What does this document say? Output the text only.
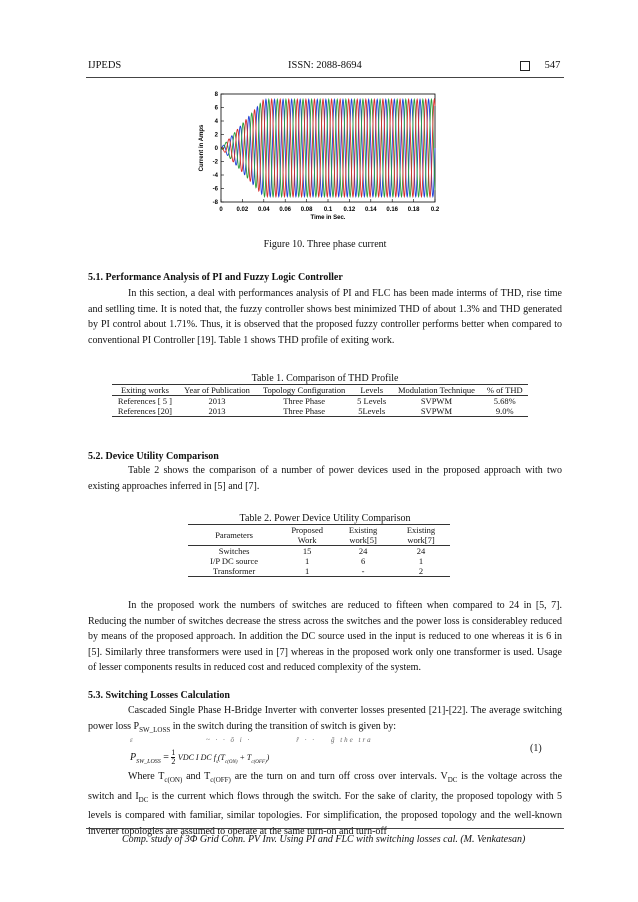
IJPEDS	ISSN: 2088-8694	547
0 0.02 0.04 0.06 0.08 0.1 0.12 0.14 0.16 0.18 0.2
8
6
4
2
0
-2
-4
-6
-8
Time in Sec.
Current in Amps
Figure 10. Three phase current
5.1. Performance Analysis of PI and Fuzzy Logic Controller
In this section, a deal with performances analysis of PI and FLC has been made interms of THD, rise time and setlling time. It is noted that, the fuzzy controller shows best minimized THD of about 1.3% and THD generated by PI control about 1.71%. Thus, it is observed that the proposed fuzzy controller performs better when compared to conventional PI Controller [19]. Table 1 shows THD profile of exiting work.
Table 1. Comparison of THD Profile
Exiting works	Year of Publication	Topology Configuration	Levels	Modulation Technique	% of THD
References [ 5 ]	2013	Three Phase	5 Levels	SVPWM	5.68%
References [20]	2013	Three Phase	5Levels	SVPWM	9.0%
5.2. Device Utility Comparison
Table 2 shows the comparison of a number of power devices used in the proposed approach with two existing approaches inferred in [5] and [7].
Table 2. Power Device Utility Comparison
Parameters	Proposed Work	Existing work[5]	Existing work[7]
Switches	15	24	24
I/P DC source	1	6	1
Transformer	1	-	2
In the proposed work the numbers of switches are reduced to fifteen when compared to 24 in [5, 7]. Reducing the number of switches decrease the stress across the switches and the power loss is considerabley reduced by means of the proposed approach. In addition the DC source used in the input is reduced to one whereas it is 6 in [5]. Similarly three transformers were used in [7] whereas in the proposed work only one transformer is used. Usage of lesser components results in reduced cost and reduced complexity of the system.
5.3. Switching Losses Calculation
Cascaded Single Phase H-Bridge Inverter with converter losses presented [21]-[22]. The average switching power loss $P_{SW\_LOSS}$ in the switch during the transition of switch is given by:
ε                   ~ · · ō i ·            ř · ·    ğ the tra
$P_{SW\_LOSS} = \frac{1}{2}$ VDC I DC $f_s(T_{c(ON)} + T_{c(OFF)})$
(1)
Where $T_{c(ON)}$ and $T_{c(OFF)}$ are the turn on and turn off cross over intervals. $V_{DC}$ is the voltage across the switch and $I_{DC}$ is the current which flows through the switch. For the sake of clarity, the proposed topology with 5 levels is compared with familiar, similar topologies. For simplification, the proposed topology and the well-known inverter topologies are assumed to operate at the same turn-on and turn-off
Comp. study of 3Φ Grid Conn. PV Inv. Using PI and FLC with switching losses cal. (M. Venkatesan)
